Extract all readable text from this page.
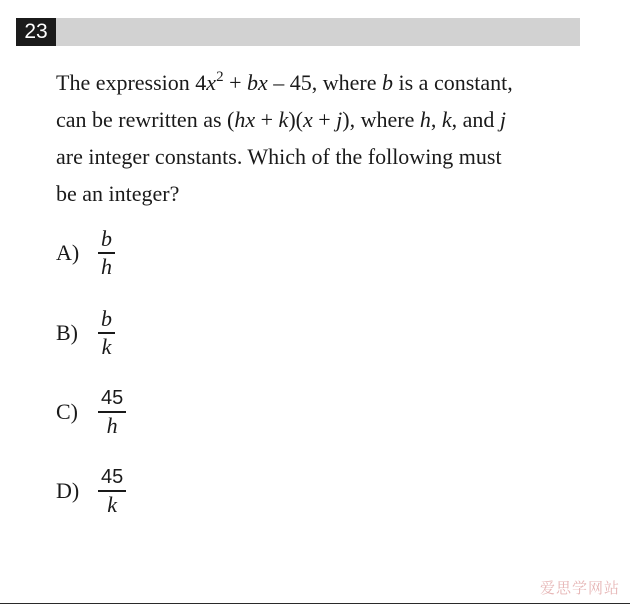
23
The expression $4x^2$ + bx – 45, where b is a constant,
can be rewritten as (hx + k)(x + j), where h, k, and j
are integer constants. Which of the following must
be an integer?
$A) \frac{b}{h}$
$B) \frac{b}{k}$
C)	$\frac{45}{h}$
$D) \frac{45}{k}$
爱思学网站
